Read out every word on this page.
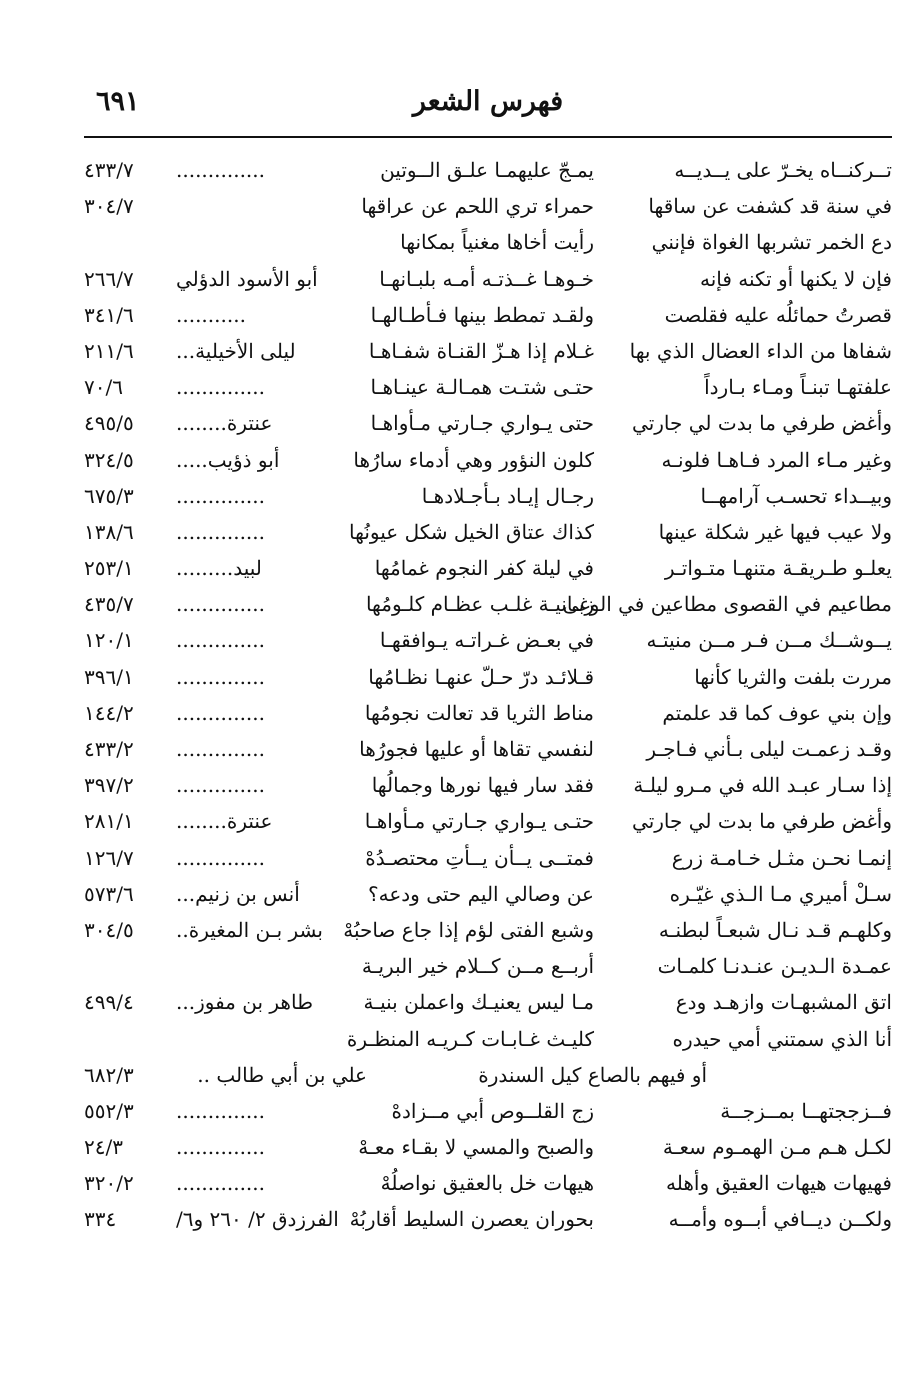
فهرس الشعر
٦٩١
تــركنــاه يخـرّ على يــديــه
يمـجّ عليهمـا علـق الــوتين
..............
٤٣٣/٧
في سنة قد كشفت عن ساقها
حمراء تري اللحم عن عراقها
٣٠٤/٧
دع الخمر تشربها الغواة فإنني
رأيت أخاها مغنياً بمكانها
فإن لا يكنها أو تكنه فإنه
خـوهـا غــذتـه أمـه بلبـانهـا
أبو الأسود الدؤلي
٢٦٦/٧
قصرتُ حمائلُه عليه فقلصت
ولقـد تمطط بينها فـأطـالهـا
...........
٣٤١/٦
شفاها من الداء العضال الذي بها
غـلام إذا هـزّ القنـاة شفـاهـا
ليلى الأخيلية...
٢١١/٦
علفتهـا تبنـاً ومـاء بـارداً
حتـى شتـت همـالـة عينـاهـا
..............
٧٠/٦
وأغض طرفي ما بدت لي جارتي
حتى يـواري جـارتي مـأواهـا
عنترة........
٤٩٥/٥
وغير مـاء المرد فـاهـا فلونـه
كلون النؤور وهي أدماء سارُها
أبو ذؤيب.....
٣٢٤/٥
وبيــداء تحسـب آرامهــا
رجـال إيـاد بـأجـلادهـا
..............
٦٧٥/٣
ولا عيب فيها غير شكلة عينها
كذاك عتاق الخيل شكل عيونُها
..............
١٣٨/٦
يعلـو طـريقـة متنهـا متـواتـر
في ليلة كفر النجوم غمامُها
لبيد.........
٢٥٣/١
مطاعيم في القصوى مطاعين في الوغى
زبـانيـة غلـب عظـام كلـومُها
..............
٤٣٥/٧
يــوشــك مــن فـر مــن منيتـه
في بعـض غـراتـه يـوافقهـا
..............
١٢٠/١
مررت بلفت والثريا كأنها
قـلائـد درّ حـلّ عنهـا نظـامُها
..............
٣٩٦/١
وإن بني عوف كما قد علمتم
مناط الثريا قد تعالت نجومُها
..............
١٤٤/٢
وقـد زعمـت ليلى بـأني فـاجـر
لنفسي تقاها أو عليها فجورُها
..............
٤٣٣/٢
إذا سـار عبـد الله في مـرو ليلـة
فقد سار فيها نورها وجمالُها
..............
٣٩٧/٢
وأغض طرفي ما بدت لي جارتي
حتـى يـواري جـارتي مـأواهـا
عنترة........
٢٨١/١
إنمـا نحـن مثـل خـامـة زرع
فمتــى يــأن يــأتِ محتصـدُهْ
..............
١٢٦/٧
سـلْ أميري مـا الـذي غيّـره
عن وصالي اليم حتى ودعه؟
أنس بن زنيم...
٥٧٣/٦
وكلهـم قـد نـال شبعـاً لبطنـه
وشبع الفتى لؤم إذا جاع صاحبُهْ
بشر بـن المغيرة..
٣٠٤/٥
عمـدة الـديـن عنـدنـا كلمـات
أربــع مــن كــلام خير البريـة
اتق المشبهـات وازهـد ودع
مـا ليس يعنيـك واعملن بنيـة
طاهر بن مفوز...
٤٩٩/٤
أنا الذي سمتني أمي حيدره
كليـث غـابـات كـريـه المنظـرة
أو فيهم بالصاع كيل السندرة
علي بن أبي طالب ..
٦٨٢/٣
فــزججتهــا بمــزجــة
زج القلــوص أبي مــزادهْ
..............
٥٥٢/٣
لكـل هـم مـن الهمـوم سعـة
والصبح والمسي لا بقـاء معـهْ
..............
٢٤/٣
فهيهات هيهات العقيق وأهله
هيهات خل بالعقيق نواصلُهْ
..............
٣٢٠/٢
ولكــن ديــافي أبــوه وأمــه
بحوران يعصرن السليط أقاربُهْ
الفرزدق ٢/ ٢٦٠ و٦/
٣٣٤
